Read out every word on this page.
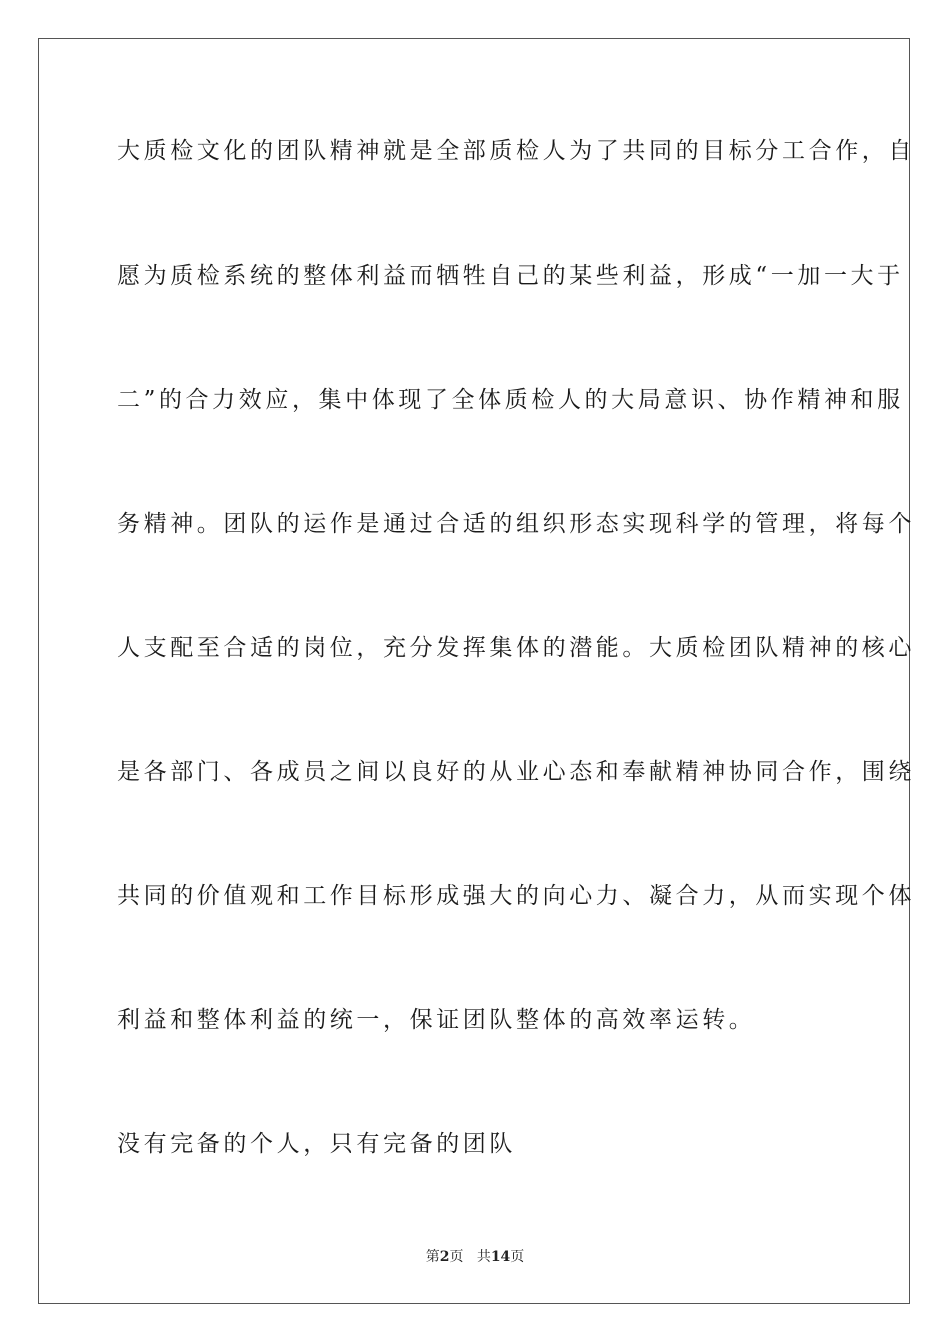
大质检文化的团队精神就是全部质检人为了共同的目标分工合作，自
愿为质检系统的整体利益而牺牲自己的某些利益，形成“一加一大于
二”的合力效应，集中体现了全体质检人的大局意识、协作精神和服
务精神。团队的运作是通过合适的组织形态实现科学的管理，将每个
人支配至合适的岗位，充分发挥集体的潜能。大质检团队精神的核心
是各部门、各成员之间以良好的从业心态和奉献精神协同合作，围绕
共同的价值观和工作目标形成强大的向心力、凝合力，从而实现个体
利益和整体利益的统一，保证团队整体的高效率运转。
没有完备的个人，只有完备的团队
第2页 共14页
